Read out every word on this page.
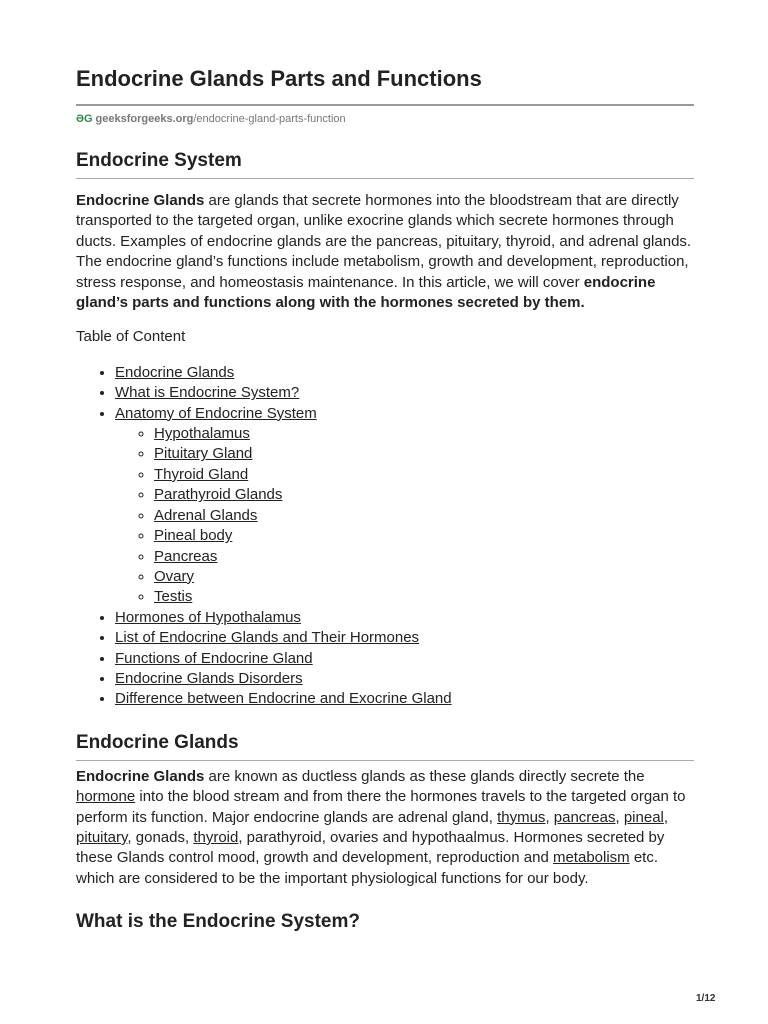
Endocrine Glands Parts and Functions
ƏG geeksforgeeks.org/endocrine-gland-parts-function
Endocrine System

Endocrine Glands are glands that secrete hormones into the bloodstream that are directly transported to the targeted organ, unlike exocrine glands which secrete hormones through ducts. Examples of endocrine glands are the pancreas, pituitary, thyroid, and adrenal glands. The endocrine gland’s functions include metabolism, growth and development, reproduction, stress response, and homeostasis maintenance. In this article, we will cover endocrine gland’s parts and functions along with the hormones secreted by them.

Table of Content

• Endocrine Glands
• What is Endocrine System?
• Anatomy of Endocrine System
◦ Hypothalamus
◦ Pituitary Gland
◦ Thyroid Gland
◦ Parathyroid Glands
◦ Adrenal Glands
◦ Pineal body
◦ Pancreas
◦ Ovary
◦ Testis
• Hormones of Hypothalamus
• List of Endocrine Glands and Their Hormones
• Functions of Endocrine Gland
• Endocrine Glands Disorders
• Difference between Endocrine and Exocrine Gland
Endocrine Glands

Endocrine Glands are known as ductless glands as these glands directly secrete the hormone into the blood stream and from there the hormones travels to the targeted organ to perform its function. Major endocrine glands are adrenal gland, thymus, pancreas, pineal, pituitary, gonads, thyroid, parathyroid, ovaries and hypothaalmus. Hormones secreted by these Glands control mood, growth and development, reproduction and metabolism etc. which are considered to be the important physiological functions for our body.

What is the Endocrine System?
1/12
